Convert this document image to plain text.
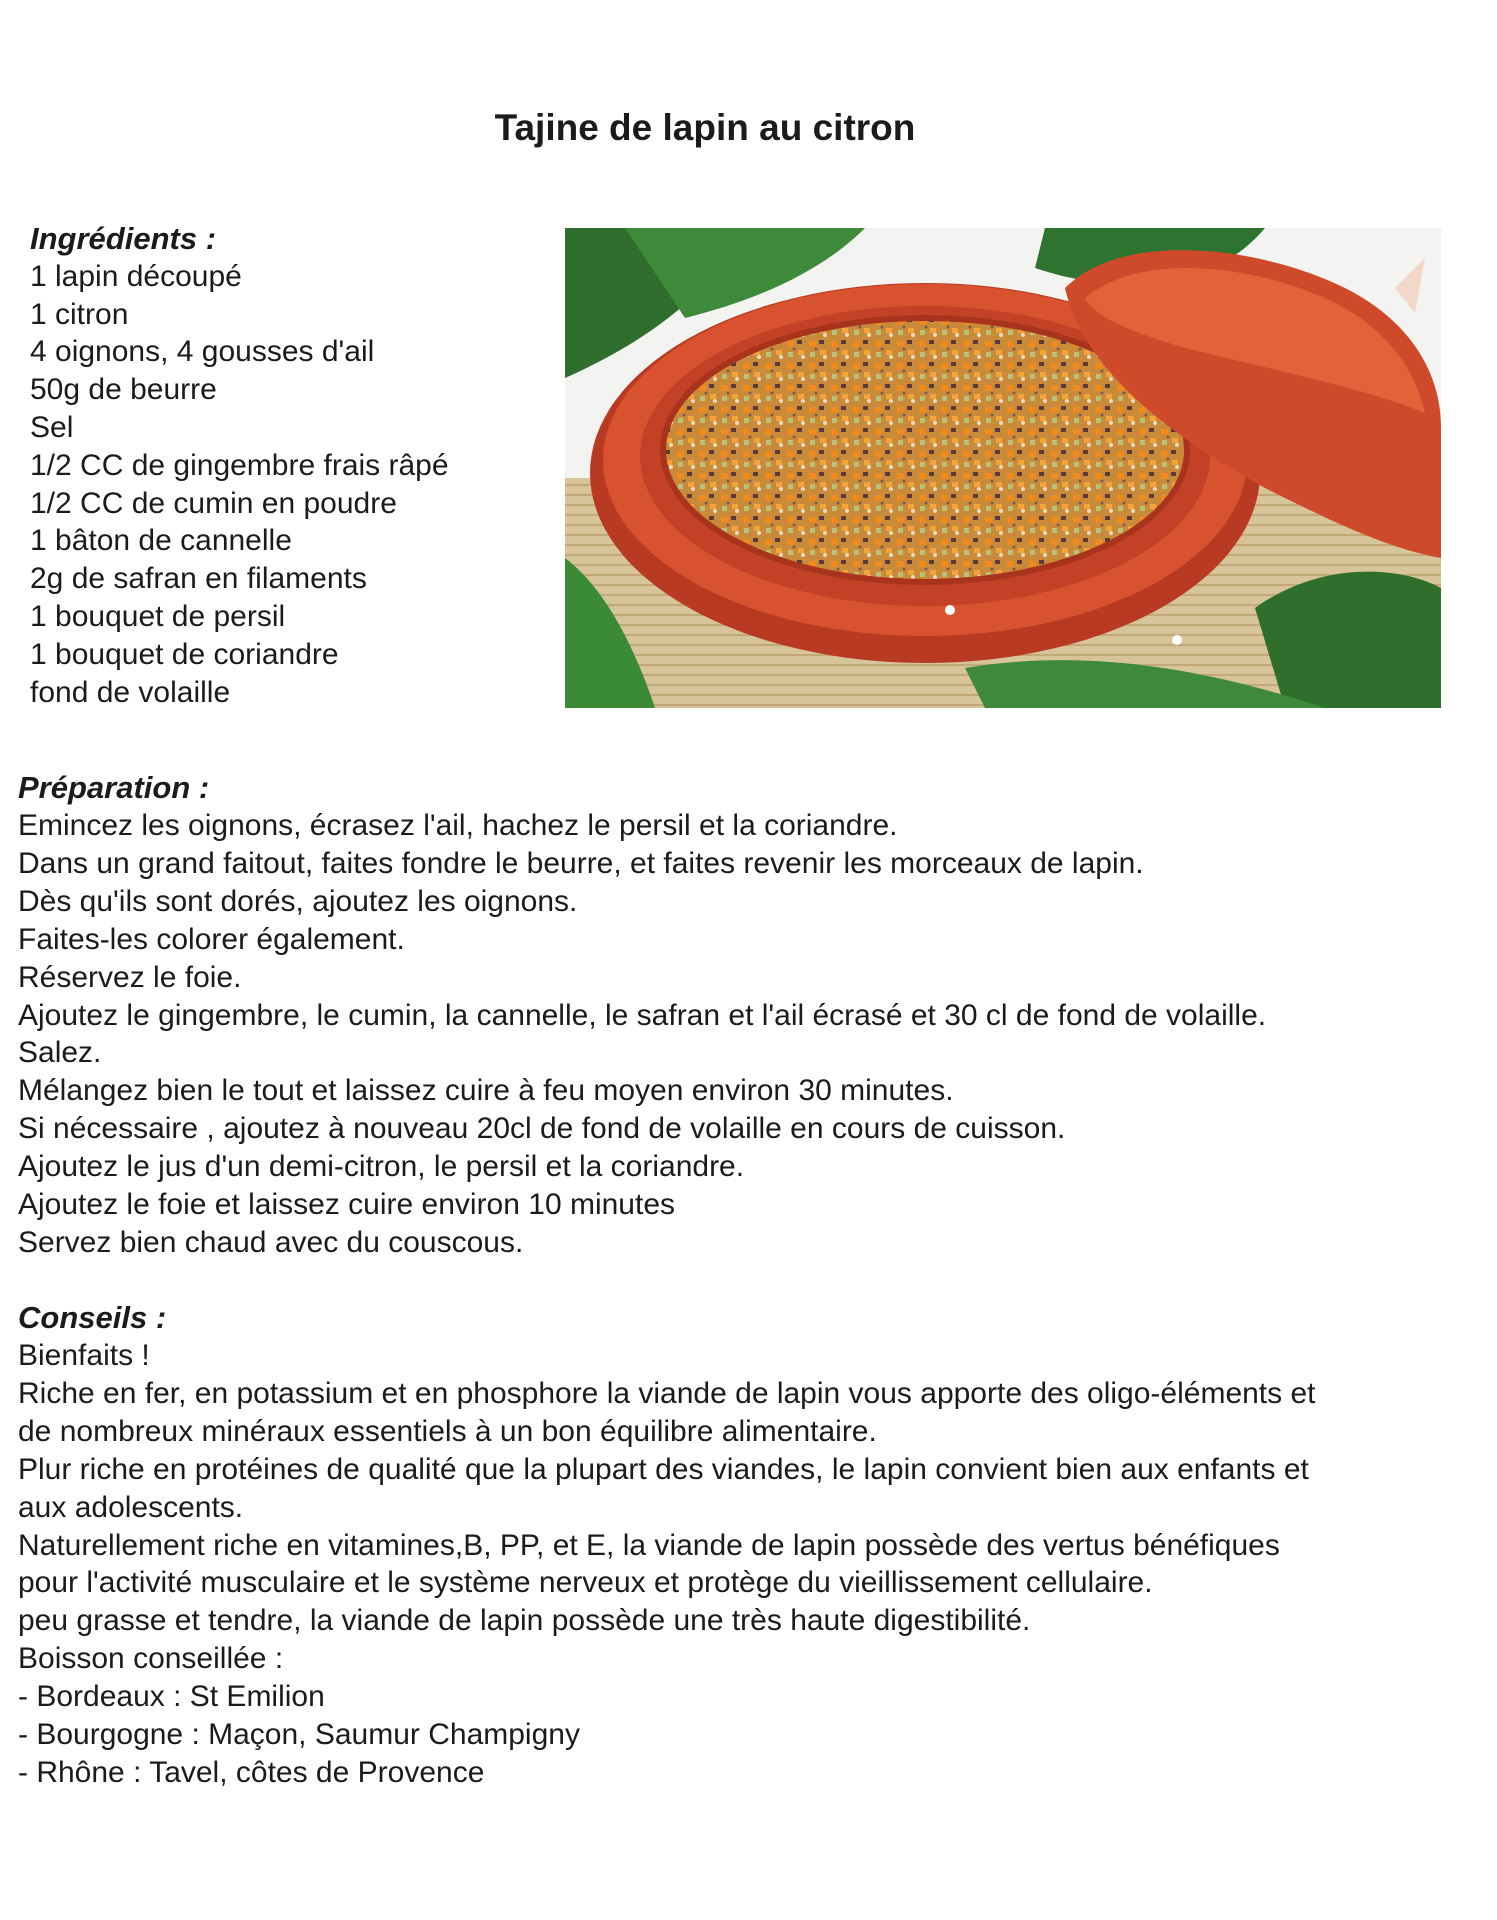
Tajine de lapin au citron

Ingrédients :

1 lapin découpé

1 citron

4 oignons, 4 gousses d'ail

50g de beurre

Sel

1/2 CC de gingembre frais râpé

1/2 CC de cumin en poudre

1 bâton de cannelle

2g de safran en filaments

1 bouquet de persil

1 bouquet de coriandre

fond de volaille

Préparation :

Emincez les oignons, écrasez l'ail, hachez le persil et la coriandre.

Dans un grand faitout, faites fondre le beurre, et faites revenir les morceaux de lapin.

Dès qu'ils sont dorés, ajoutez les oignons.

Faites-les colorer également.

Réservez le foie.

Ajoutez le gingembre, le cumin, la cannelle, le safran et l'ail écrasé et 30 cl de fond de volaille.

Salez.

Mélangez bien le tout et laissez cuire à feu moyen environ 30 minutes.

Si nécessaire , ajoutez à nouveau 20cl de fond de volaille en cours de cuisson.

Ajoutez le jus d'un demi-citron, le persil et la coriandre.

Ajoutez le foie et laissez cuire environ 10 minutes

Servez bien chaud avec du couscous.

Conseils :

Bienfaits !

Riche en fer, en potassium et en phosphore la viande de lapin vous apporte des oligo-éléments et

de nombreux minéraux essentiels à un bon équilibre alimentaire.

Plur riche en protéines de qualité que la plupart des viandes, le lapin convient bien aux enfants et

aux adolescents.

Naturellement riche en vitamines,B, PP, et E, la viande de lapin possède des vertus bénéfiques

pour l'activité musculaire et le système nerveux et protège du vieillissement cellulaire.

peu grasse et tendre, la viande de lapin possède une très haute digestibilité.

Boisson conseillée :

- Bordeaux : St Emilion

- Bourgogne : Maçon, Saumur Champigny

- Rhône : Tavel, côtes de Provence
